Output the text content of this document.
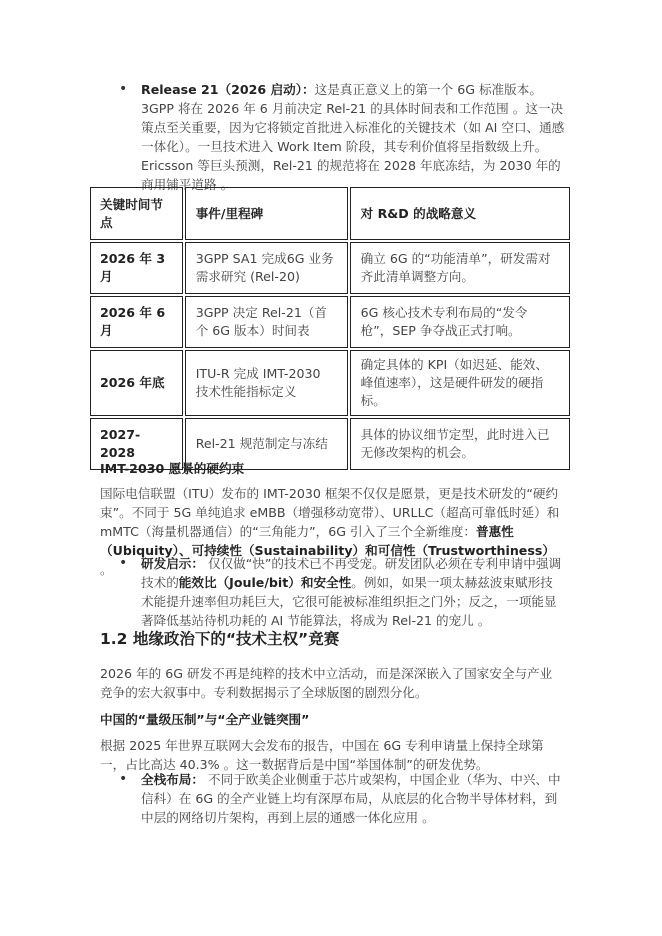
• Release 21（2026 启动）：这是真正意义上的第一个 6G 标准版本。3GPP 将在 2026 年 6 月前决定 Rel-21 的具体时间表和工作范围 。这一决策点至关重要，因为它将锁定首批进入标准化的关键技术（如 AI 空口、通感一体化）。一旦技术进入 Work Item 阶段，其专利价值将呈指数级上升。Ericsson 等巨头预测，Rel-21 的规范将在 2028 年底冻结，为 2030 年的商用铺平道路 。

关键时间节点	事件/里程碑	对 R&D 的战略意义
2026 年 3 月	3GPP SA1 完成6G 业务需求研究 (Rel-20)	确立 6G 的“功能清单”，研发需对齐此清单调整方向。
2026 年 6 月	3GPP 决定 Rel-21（首个 6G 版本）时间表	6G 核心技术专利布局的“发令枪”，SEP 争夺战正式打响。
2026 年底	ITU-R 完成 IMT-2030 技术性能指标定义	确定具体的 KPI（如迟延、能效、峰值速率），这是硬件研发的硬指标。
2027-2028	Rel-21 规范制定与冻结	具体的协议细节定型，此时进入已无修改架构的机会。

IMT-2030 愿景的硬约束

国际电信联盟（ITU）发布的 IMT-2030 框架不仅仅是愿景，更是技术研发的“硬约束”。不同于 5G 单纯追求 eMBB（增强移动宽带）、URLLC（超高可靠低时延）和 mMTC（海量机器通信）的“三角能力”，6G 引入了三个全新维度：普惠性（Ubiquity）、可持续性（Sustainability）和可信性（Trustworthiness） 。 • 研发启示： 仅仅做“快”的技术已不再受宠。研发团队必须在专利申请中强调技术的能效比（Joule/bit）和安全性。例如，如果一项太赫兹波束赋形技术能提升速率但功耗巨大，它很可能被标准组织拒之门外；反之，一项能显著降低基站待机功耗的 AI 节能算法，将成为 Rel-21 的宠儿 。

1.2 地缘政治下的“技术主权”竞赛

2026 年的 6G 研发不再是纯粹的技术中立活动，而是深深嵌入了国家安全与产业竞争的宏大叙事中。专利数据揭示了全球版图的剧烈分化。

中国的“量级压制”与“全产业链突围”

根据 2025 年世界互联网大会发布的报告，中国在 6G 专利申请量上保持全球第一，占比高达 40.3% 。这一数据背后是中国“举国体制”的研发优势。

• 全栈布局： 不同于欧美企业侧重于芯片或架构，中国企业（华为、中兴、中信科）在 6G 的全产业链上均有深厚布局，从底层的化合物半导体材料，到中层的网络切片架构，再到上层的通感一体化应用 。
